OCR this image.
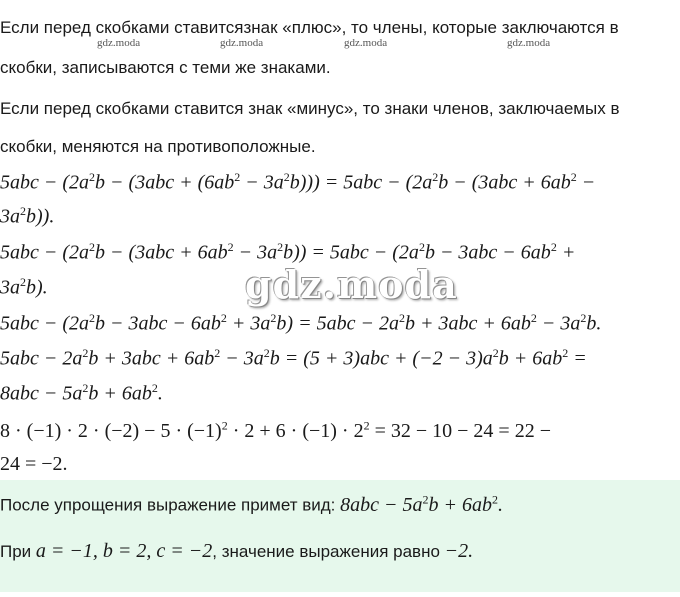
Если перед скобками ставитсязнак «плюс», то члены, которые заключаются в

скобки, записываются с теми же знаками.

Если перед скобками ставится знак «минус», то знаки членов, заключаемых в

скобки, меняются на противоположные.

gdz.moda	gdz.moda	gdz.moda	gdz.moda
$5abc - (2a^2b - (3abc + (6ab^2 - 3a^2b))) = 5abc - (2a^2b - (3abc + 6ab^2$ −
$3a^2b$)).
$5abc - (2a^2b - (3abc + 6ab^2 - 3a^2b)) = 5abc - (2a^2b - 3abc - 6ab^2$ +
$3a^2b$).
$5abc - (2a^2b - 3abc - 6ab^2 + 3a^2b) = 5abc - 2a^2b + 3abc + 6ab^2 - 3a^2b$.
$5abc - 2a^2b + 3abc + 6ab^2 - 3a^2b = (5 + 3)abc + (-2 - 3)a^2b + 6ab^2$ =
$8abc - 5a^2b + 6ab^2$.
$8 \cdot (-1) \cdot 2 \cdot (-2) - 5 \cdot (-1)^2 \cdot 2 + 6 \cdot (-1) \cdot 2^2 = 32 - 10 - 24 = 22$ −
24 = −2.
gdz.moda

После упрощения выражение примет вид: $8abc - 5a^2b + 6ab^2$.

При a = −1, b = 2, c = −2, значение выражения равно −2.
